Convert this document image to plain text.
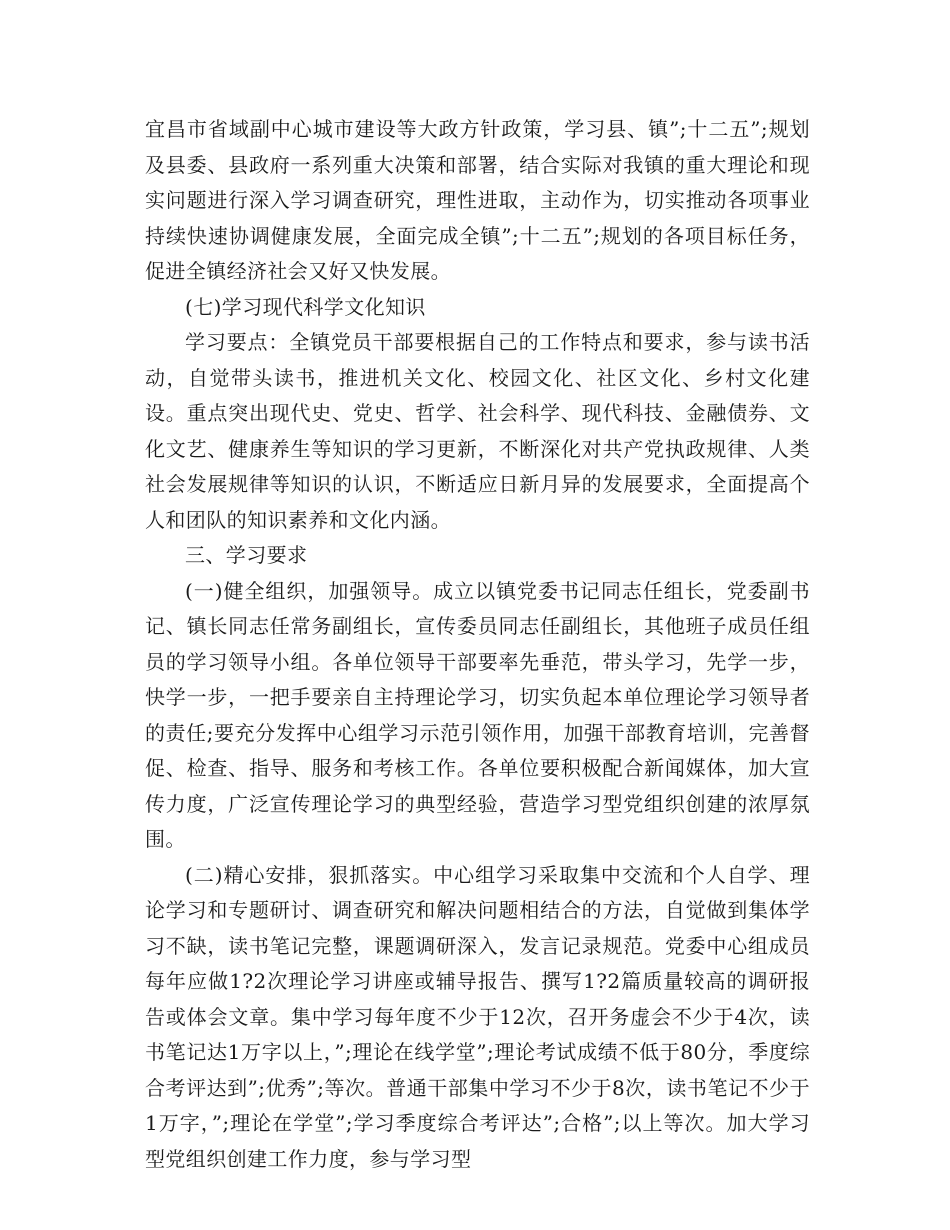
宜昌市省域副中心城市建设等大政方针政策，学习县、镇”;十二五”;规划及县委、县政府一系列重大决策和部署，结合实际对我镇的重大理论和现实问题进行深入学习调查研究，理性进取，主动作为，切实推动各项事业持续快速协调健康发展，全面完成全镇”;十二五”;规划的各项目标任务，促进全镇经济社会又好又快发展。

(七)学习现代科学文化知识

学习要点：全镇党员干部要根据自己的工作特点和要求，参与读书活动，自觉带头读书，推进机关文化、校园文化、社区文化、乡村文化建设。重点突出现代史、党史、哲学、社会科学、现代科技、金融债券、文化文艺、健康养生等知识的学习更新，不断深化对共产党执政规律、人类社会发展规律等知识的认识，不断适应日新月异的发展要求，全面提高个人和团队的知识素养和文化内涵。

三、学习要求

(一)健全组织，加强领导。成立以镇党委书记同志任组长，党委副书记、镇长同志任常务副组长，宣传委员同志任副组长，其他班子成员任组员的学习领导小组。各单位领导干部要率先垂范，带头学习，先学一步，快学一步，一把手要亲自主持理论学习，切实负起本单位理论学习领导者的责任;要充分发挥中心组学习示范引领作用，加强干部教育培训，完善督促、检查、指导、服务和考核工作。各单位要积极配合新闻媒体，加大宣传力度，广泛宣传理论学习的典型经验，营造学习型党组织创建的浓厚氛围。

(二)精心安排，狠抓落实。中心组学习采取集中交流和个人自学、理论学习和专题研讨、调查研究和解决问题相结合的方法，自觉做到集体学习不缺，读书笔记完整，课题调研深入，发言记录规范。党委中心组成员每年应做1?2次理论学习讲座或辅导报告、撰写1?2篇质量较高的调研报告或体会文章。集中学习每年度不少于12次，召开务虚会不少于4次，读书笔记达1万字以上，”;理论在线学堂”;理论考试成绩不低于80分，季度综合考评达到”;优秀”;等次。普通干部集中学习不少于8次，读书笔记不少于1万字，”;理论在学堂”;学习季度综合考评达”;合格”;以上等次。加大学习型党组织创建工作力度，参与学习型
